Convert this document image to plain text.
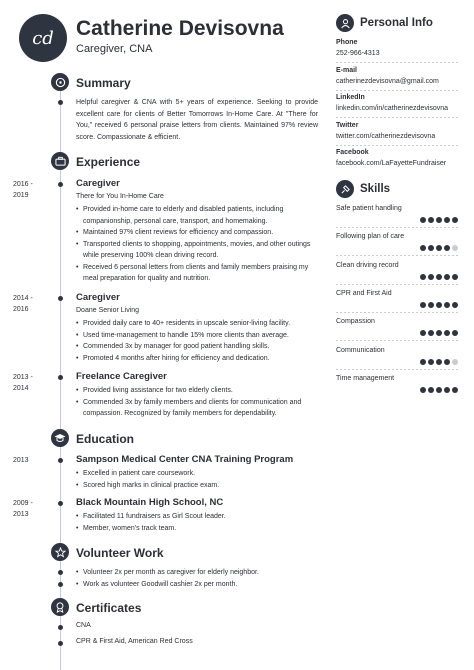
cd Catherine Devisovna
Caregiver, CNA
Summary
Helpful caregiver & CNA with 5+ years of experience. Seeking to provide excellent care for clients of Better Tomorrows In-Home Care. At "There for You," received 6 personal praise letters from clients. Maintained 97% review score. Compassionate & efficient.
Experience
2016 -
2019
Caregiver
There for You In-Home Care
• Provided in-home care to elderly and disabled patients, including companionship, personal care, transport, and homemaking.
• Maintained 97% client reviews for efficiency and compassion.
• Transported clients to shopping, appointments, movies, and other outings while preserving 100% clean driving record.
• Received 6 personal letters from clients and family members praising my meal preparation for quality and nutrition.
2014 -
2016
Caregiver
Doane Senior Living
• Provided daily care to 40+ residents in upscale senior-living facility.
• Used time-management to handle 15% more clients than average.
• Commended 3x by manager for good patient handling skills.
• Promoted 4 months after hiring for efficiency and dedication.
2013 -
2014
Freelance Caregiver
• Provided living assistance for two elderly clients.
• Commended 3x by family members and clients for communication and compassion. Recognized by family members for dependability.
Education
2013	Sampson Medical Center CNA Training Program
• Excelled in patient care coursework.
• Scored high marks in clinical practice exam.
2009 -
2013
Black Mountain High School, NC
• Facilitated 11 fundraisers as Girl Scout leader.
• Member, women's track team.
Volunteer Work
• Volunteer 2x per month as caregiver for elderly neighbor.
• Work as volunteer Goodwill cashier 2x per month.
Certificates
CNA
CPR & First Aid, American Red Cross
Personal Info
Phone
252-966-4313
E-mail
catherinezdevisovna@gmail.com
LinkedIn
linkedin.com/in/catherinezdevisovna
Twitter
twitter.com/catherinezdevisovna
Facebook
facebook.com/LaFayetteFundraiser
Skills
Safe patient handling
Following plan of care
Clean driving record
CPR and First Aid
Compassion
Communication
Time management
